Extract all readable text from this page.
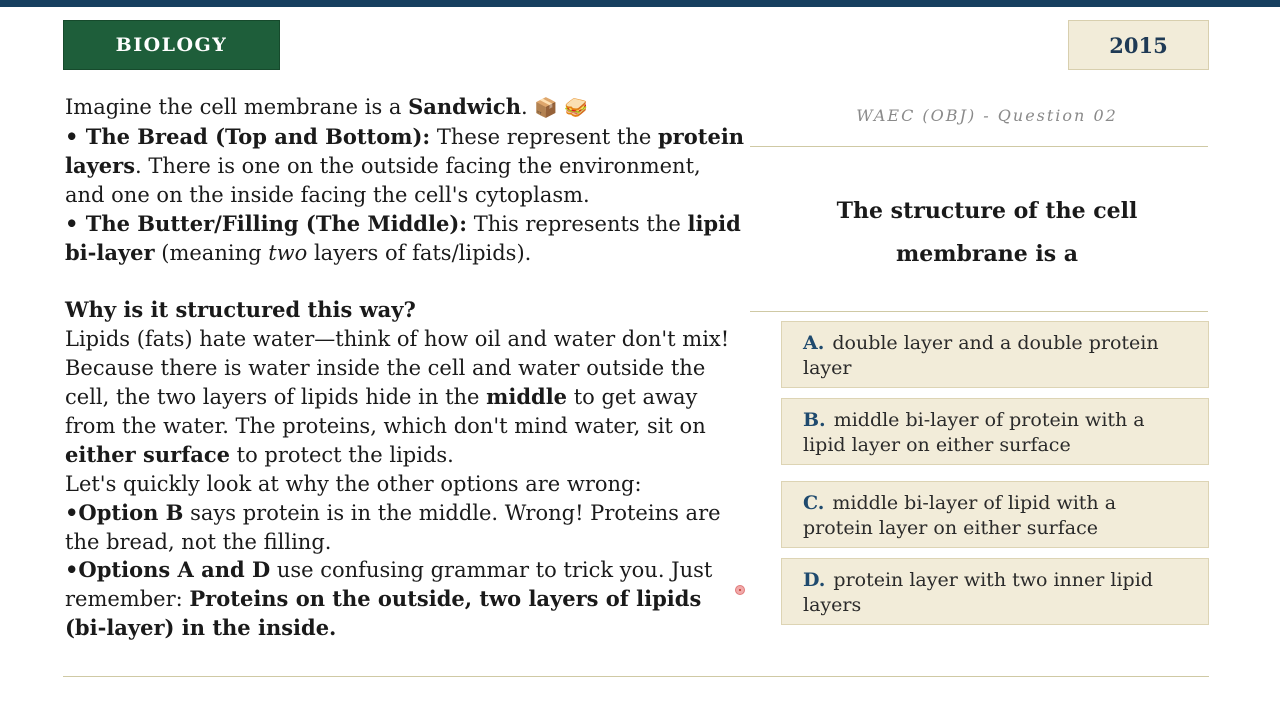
BIOLOGY	2015

Imagine the cell membrane is a Sandwich. 📦 🥪

• The Bread (Top and Bottom): These represent the protein layers. There is one on the outside facing the environment, and one on the inside facing the cell's cytoplasm.

• The Butter/Filling (The Middle): This represents the lipid bi-layer (meaning two layers of fats/lipids).

Why is it structured this way?

Lipids (fats) hate water—think of how oil and water don't mix! Because there is water inside the cell and water outside the cell, the two layers of lipids hide in the middle to get away from the water. The proteins, which don't mind water, sit on either surface to protect the lipids.

Let's quickly look at why the other options are wrong:

•Option B says protein is in the middle. Wrong! Proteins are the bread, not the filling.

•Options A and D use confusing grammar to trick you. Just remember: Proteins on the outside, two layers of lipids (bi-layer) in the inside.

WAEC (OBJ) - Question 02
The structure of the cell membrane is a
A. double layer and a double protein layer
B. middle bi-layer of protein with a lipid layer on either surface
C. middle bi-layer of lipid with a protein layer on either surface
D. protein layer with two inner lipid layers
